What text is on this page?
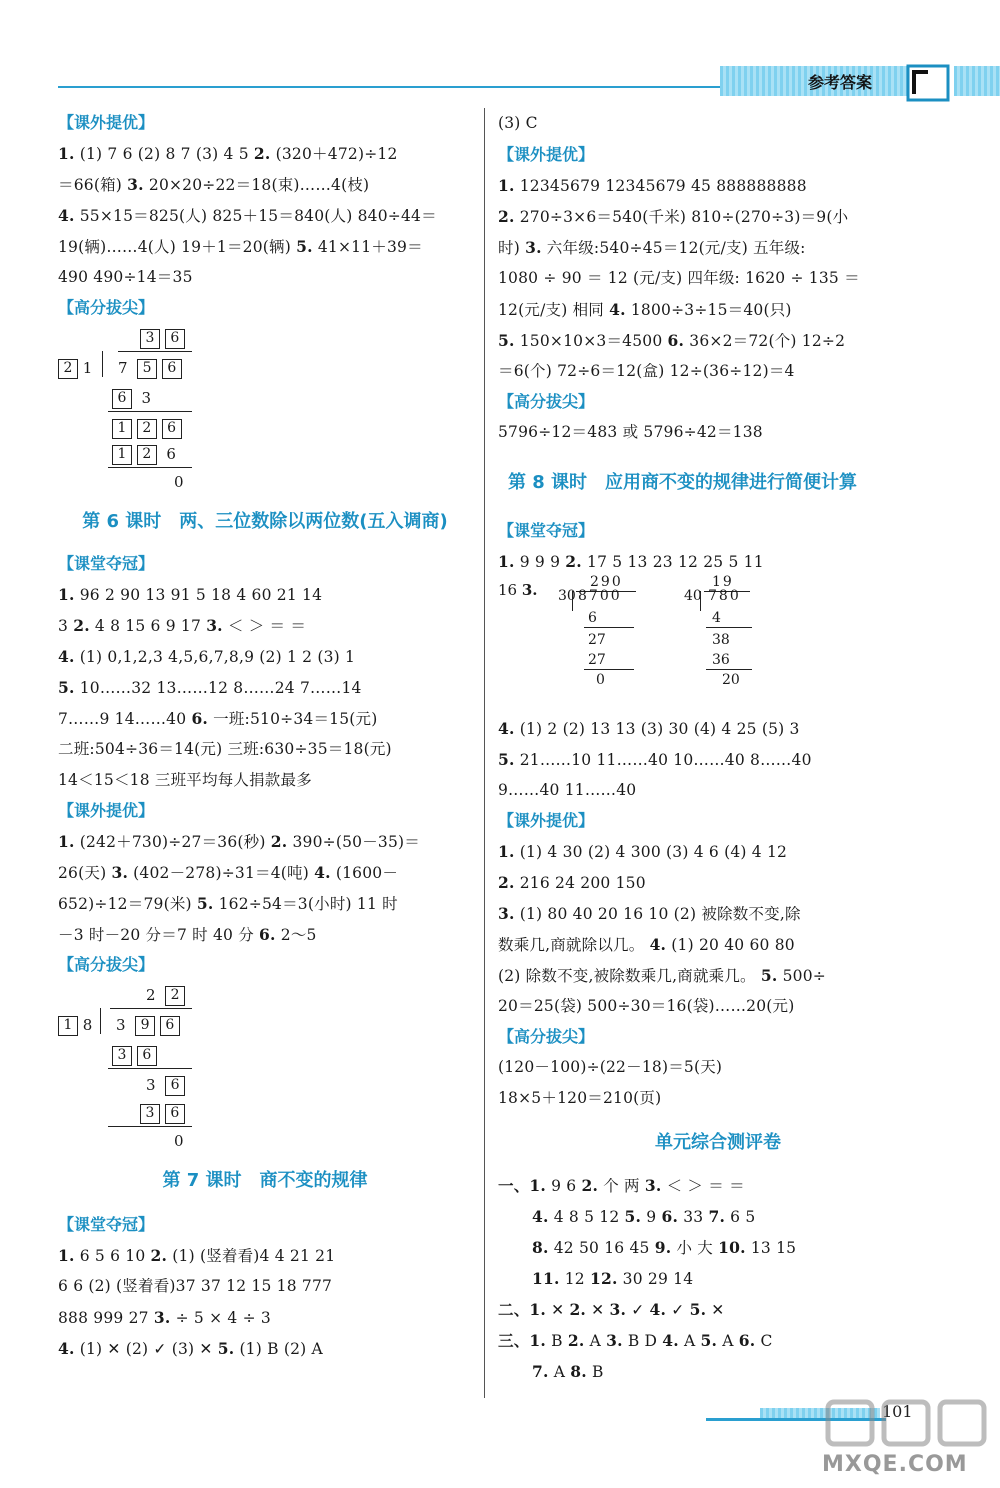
参考答案
【课外提优】
1. (1) 7 6 (2) 8 7 (3) 4 5 2. (320＋472)÷12
＝66(箱) 3. 20×20÷22＝18(束)……4(枝)
4. 55×15＝825(人) 825＋15＝840(人) 840÷44＝
19(辆)……4(人) 19＋1＝20(辆) 5. 41×11＋39＝
490 490÷14＝35
【高分拔尖】
3 6
2 1 7 5 6
6 3
1 2 6
1 2 6
0
第 6 课时　两、三位数除以两位数(五入调商)
【课堂夺冠】
1. 96 2 90 13 91 5 18 4 60 21 14
3 2. 4 8 15 6 9 17 3. ＜ ＞ ＝ ＝
4. (1) 0,1,2,3 4,5,6,7,8,9 (2) 1 2 (3) 1
5. 10……32 13……12 8……24 7……14
7……9 14……40 6. 一班:510÷34＝15(元)
二班:504÷36＝14(元) 三班:630÷35＝18(元)
14＜15＜18 三班平均每人捐款最多
【课外提优】
1. (242＋730)÷27＝36(秒) 2. 390÷(50－35)＝
26(天) 3. (402－278)÷31＝4(吨) 4. (1600－
652)÷12＝79(米) 5. 162÷54＝3(小时) 11 时
－3 时－20 分＝7 时 40 分 6. 2～5
【高分拔尖】
2 2
1 8 3 9 6
3 6
3 6
3 6
0
第 7 课时　商不变的规律
【课堂夺冠】
1. 6 5 6 10 2. (1) (竖着看)4 4 21 21
6 6 (2) (竖着看)37 37 12 15 18 777
888 999 27 3. ÷ 5 × 4 ÷ 3
4. (1) ✕ (2) ✓ (3) ✕ 5. (1) B (2) A
(3) C
【课外提优】
1. 12345679 12345679 45 888888888
2. 270÷3×6＝540(千米) 810÷(270÷3)＝9(小
时) 3. 六年级:540÷45＝12(元/支) 五年级:
1080 ÷ 90 ＝ 12 (元/支) 四年级: 1620 ÷ 135 ＝
12(元/支) 相同 4. 1800÷3÷15＝40(只)
5. 150×10×3＝4500 6. 36×2＝72(个) 12÷2
＝6(个) 72÷6＝12(盒) 12÷(36÷12)＝4
【高分拔尖】
5796÷12＝483 或 5796÷42＝138
第 8 课时　应用商不变的规律进行简便计算
【课堂夺冠】
1. 9 9 9 2. 17 5 13 23 12 25 5 11
16 3.	290
30 8700
6
27
27
0
19
40 780
4
38
36
20
4. (1) 2 (2) 13 13 (3) 30 (4) 4 25 (5) 3
5. 21……10 11……40 10……40 8……40
9……40 11……40
【课外提优】
1. (1) 4 30 (2) 4 300 (3) 4 6 (4) 4 12
2. 216 24 200 150
3. (1) 80 40 20 16 10 (2) 被除数不变,除
数乘几,商就除以几。 4. (1) 20 40 60 80
(2) 除数不变,被除数乘几,商就乘几。 5. 500÷
20＝25(袋) 500÷30＝16(袋)……20(元)
【高分拔尖】
(120－100)÷(22－18)＝5(天)
18×5＋120＝210(页)
单元综合测评卷
一、1. 9 6 2. 个 两 3. ＜ ＞ ＝ ＝
4. 4 8 5 12 5. 9 6. 33 7. 6 5
8. 42 50 16 45 9. 小 大 10. 13 15
11. 12 12. 30 29 14
二、1. ✕ 2. ✕ 3. ✓ 4. ✓ 5. ✕
三、1. B 2. A 3. B D 4. A 5. A 6. C
7. A 8. B
101
MXQE.COM
